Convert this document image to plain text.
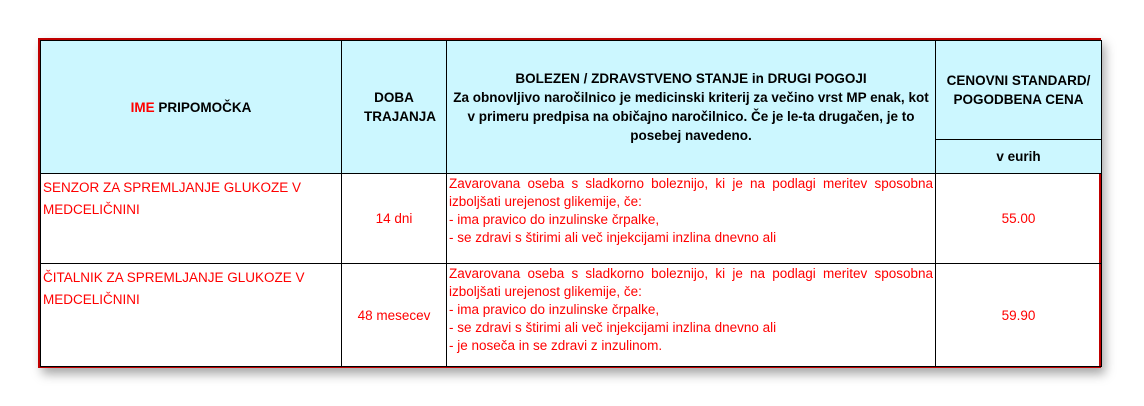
IME PRIPOMOČKA	DOBA TRAJANJA	BOLEZEN / ZDRAVSTVENO STANJE in DRUGI POGOJI
Za obnovljivo naročilnico je medicinski kriterij za večino vrst MP enak, kot v primeru predpisa na običajno naročilnico. Če je le-ta drugačen, je to posebej navedeno.	CENOVNI STANDARD/ POGODBENA CENA

			v eurih
SENZOR ZA SPREMLJANJE GLUKOZE V MEDCELIČNINI	14 dni	Zavarovana oseba s sladkorno boleznijo, ki je na podlagi meritev sposobna izboljšati urejenost glikemije, če:
- ima pravico do inzulinske črpalke,
- se zdravi s štirimi ali več injekcijami inzlina dnevno ali	55.00
ČITALNIK ZA SPREMLJANJE GLUKOZE V MEDCELIČNINI	48 mesecev	Zavarovana oseba s sladkorno boleznijo, ki je na podlagi meritev sposobna izboljšati urejenost glikemije, če:
- ima pravico do inzulinske črpalke,
- se zdravi s štirimi ali več injekcijami inzlina dnevno ali
- je noseča in se zdravi z inzulinom.	59.90
